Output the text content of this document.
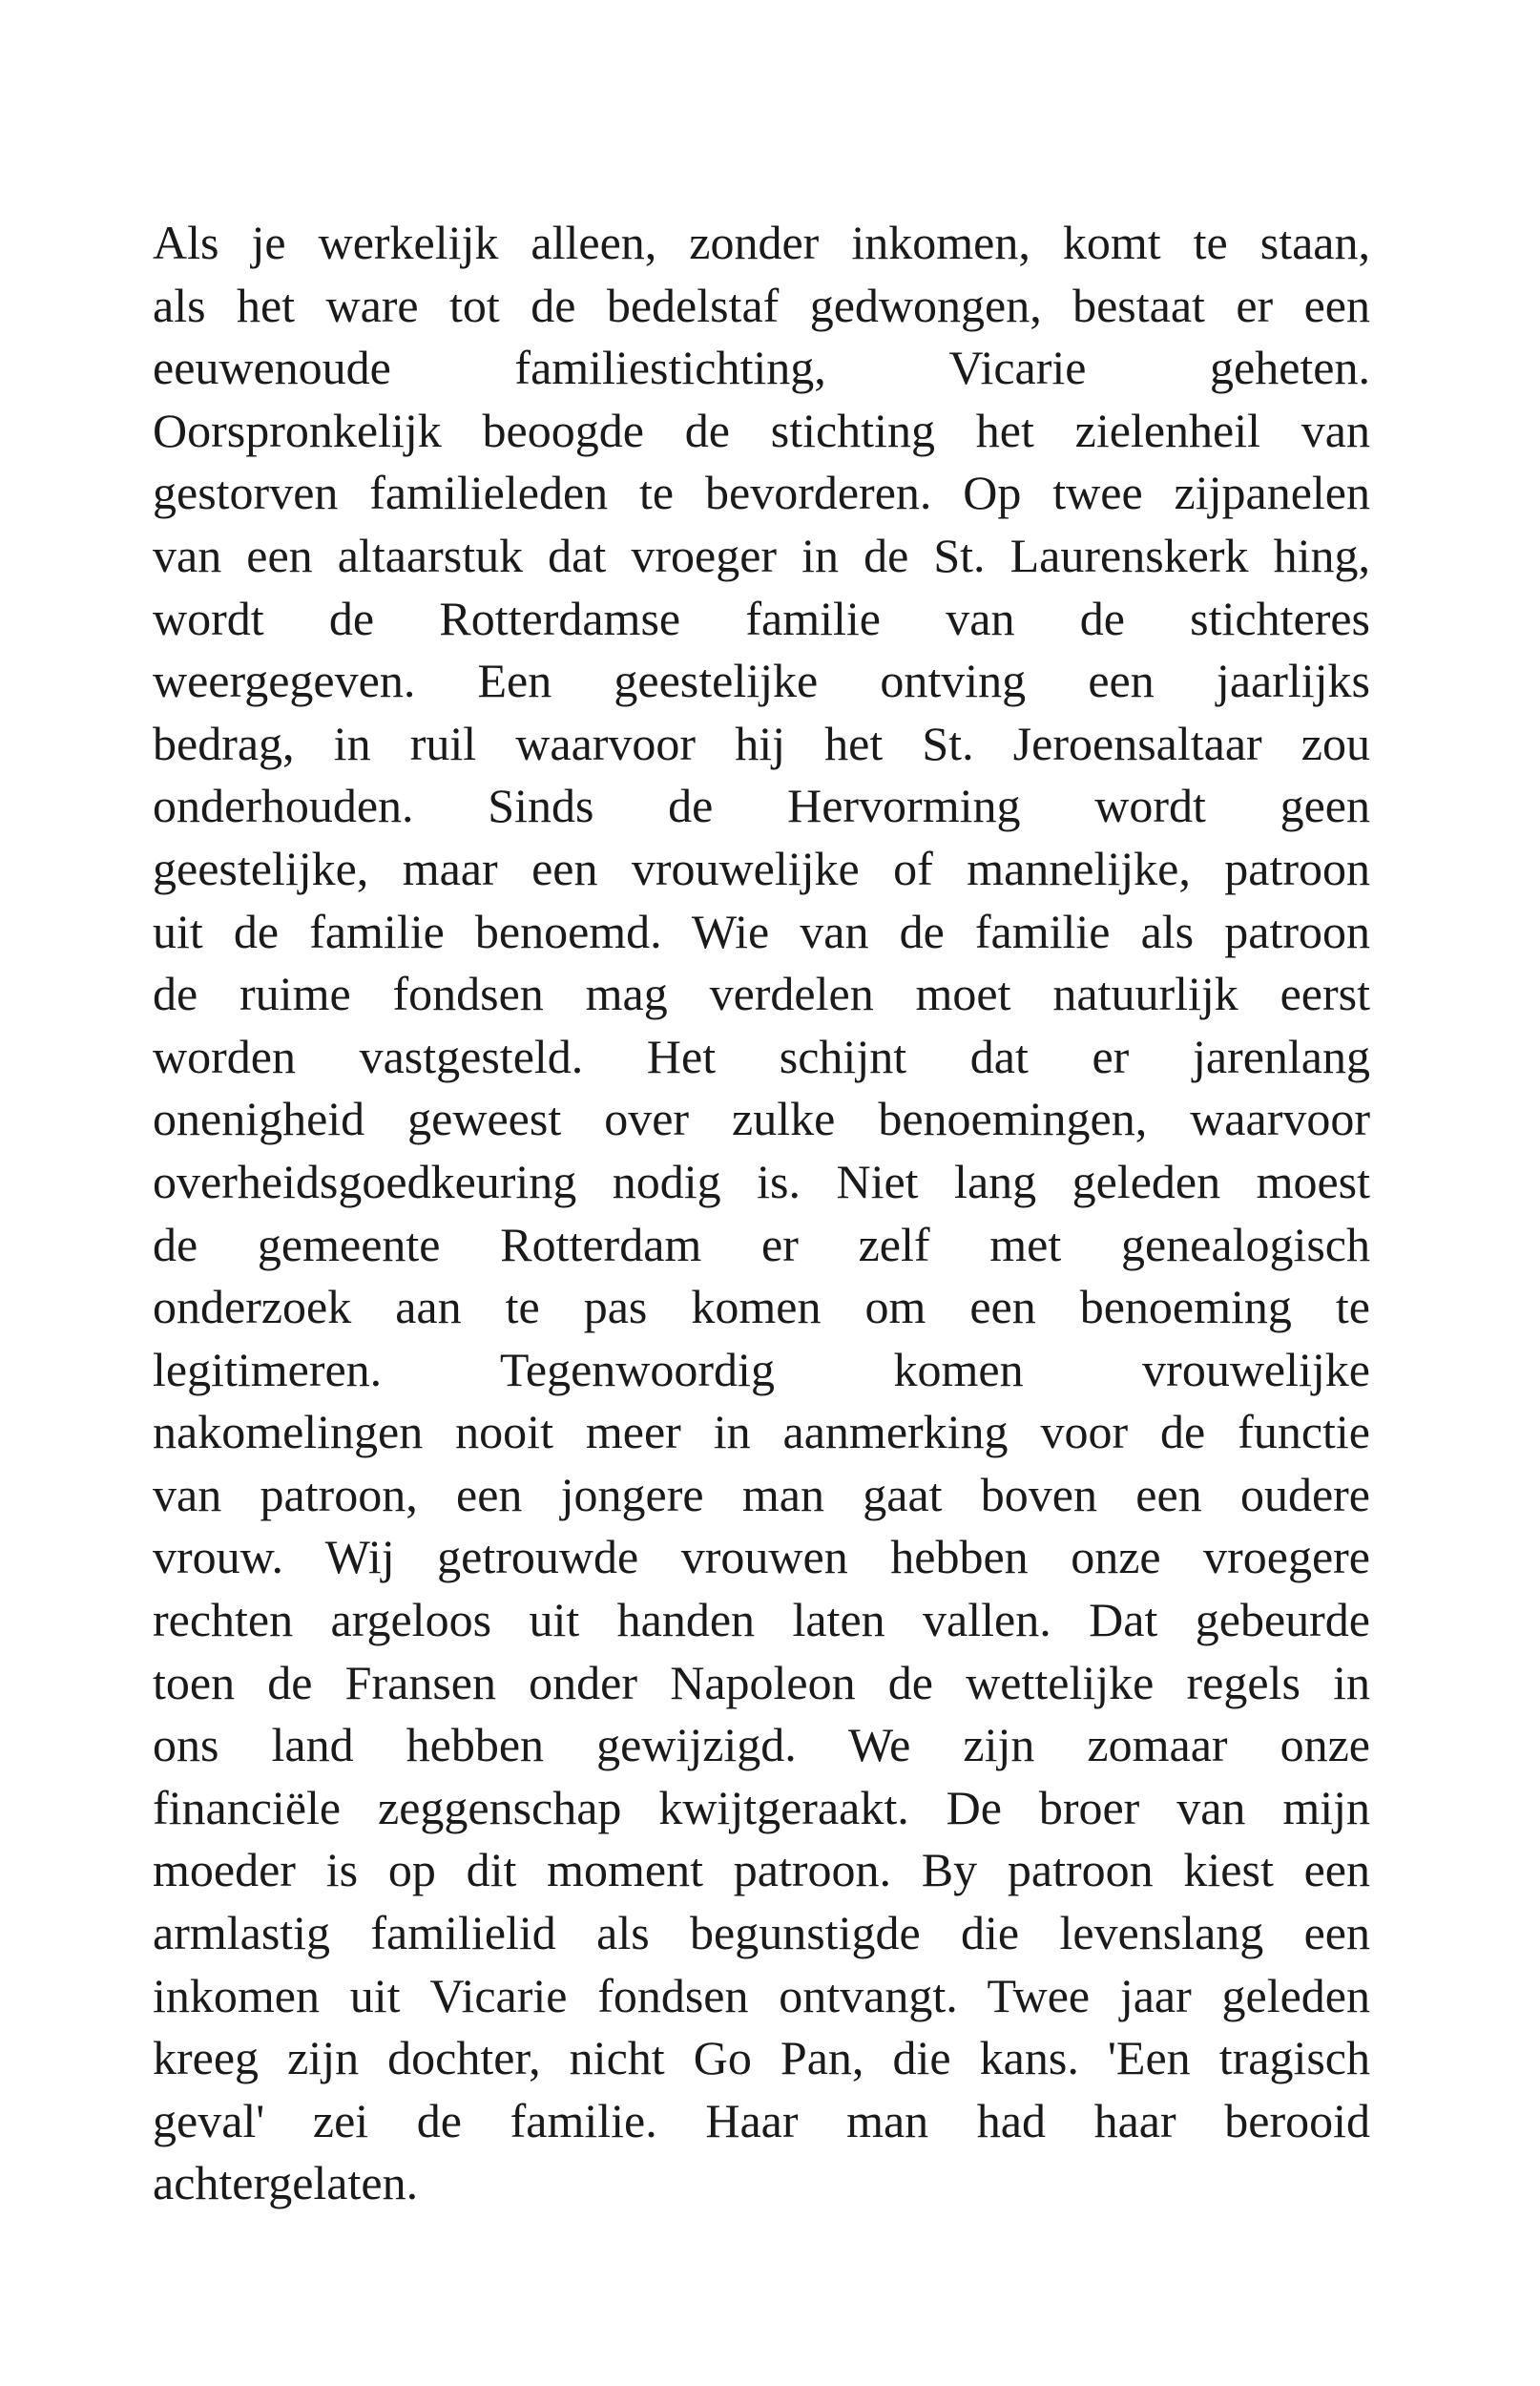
Als je werkelijk alleen, zonder inkomen, komt te staan,
als het ware tot de bedelstaf gedwongen, bestaat er een
eeuwenoude familiestichting, Vicarie geheten.
Oorspronkelijk beoogde de stichting het zielenheil van
gestorven familieleden te bevorderen. Op twee zijpanelen
van een altaarstuk dat vroeger in de St. Laurenskerk hing,
wordt de Rotterdamse familie van de stichteres
weergegeven. Een geestelijke ontving een jaarlijks
bedrag, in ruil waarvoor hij het St. Jeroensaltaar zou
onderhouden. Sinds de Hervorming wordt geen
geestelijke, maar een vrouwelijke of mannelijke, patroon
uit de familie benoemd. Wie van de familie als patroon
de ruime fondsen mag verdelen moet natuurlijk eerst
worden vastgesteld. Het schijnt dat er jarenlang
onenigheid geweest over zulke benoemingen, waarvoor
overheidsgoedkeuring nodig is. Niet lang geleden moest
de gemeente Rotterdam er zelf met genealogisch
onderzoek aan te pas komen om een benoeming te
legitimeren. Tegenwoordig komen vrouwelijke
nakomelingen nooit meer in aanmerking voor de functie
van patroon, een jongere man gaat boven een oudere
vrouw. Wij getrouwde vrouwen hebben onze vroegere
rechten argeloos uit handen laten vallen. Dat gebeurde
toen de Fransen onder Napoleon de wettelijke regels in
ons land hebben gewijzigd. We zijn zomaar onze
financiële zeggenschap kwijtgeraakt. De broer van mijn
moeder is op dit moment patroon. By patroon kiest een
armlastig familielid als begunstigde die levenslang een
inkomen uit Vicarie fondsen ontvangt. Twee jaar geleden
kreeg zijn dochter, nicht Go Pan, die kans. 'Een tragisch
geval' zei de familie. Haar man had haar berooid
achtergelaten.
